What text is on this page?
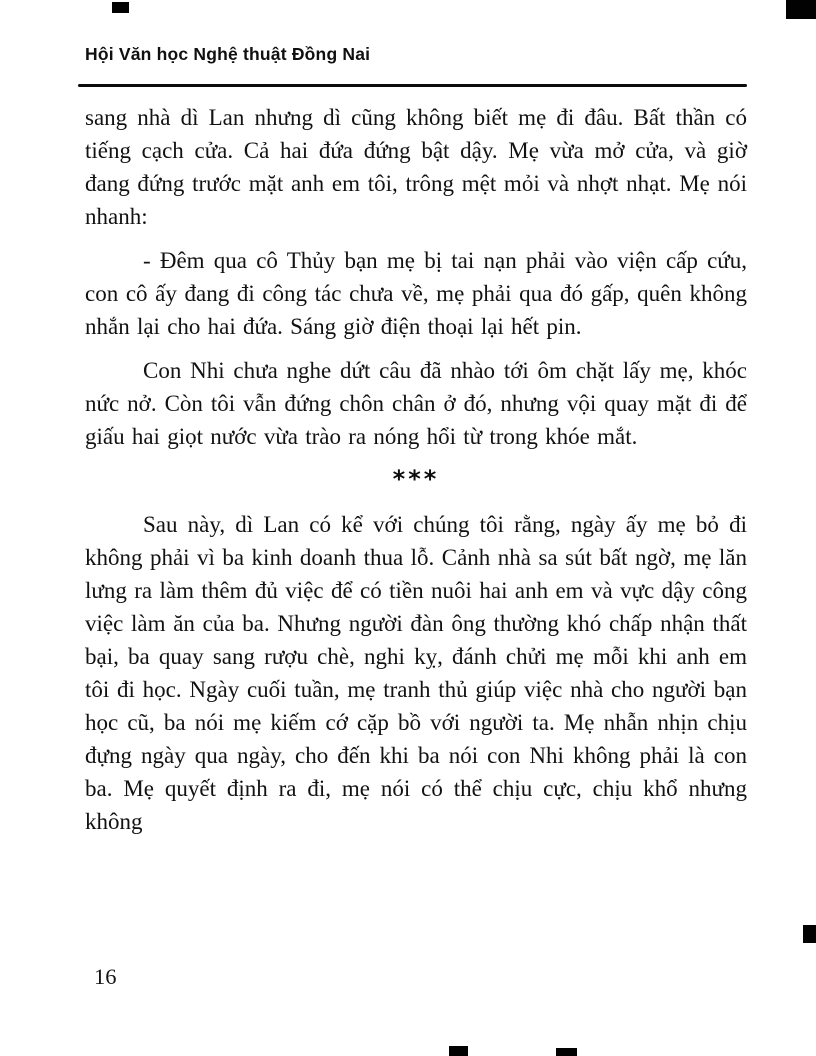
Hội Văn học Nghệ thuật Đồng Nai

sang nhà dì Lan nhưng dì cũng không biết mẹ đi đâu. Bất thần có tiếng cạch cửa. Cả hai đứa đứng bật dậy. Mẹ vừa mở cửa, và giờ đang đứng trước mặt anh em tôi, trông mệt mỏi và nhợt nhạt. Mẹ nói nhanh:

- Đêm qua cô Thủy bạn mẹ bị tai nạn phải vào viện cấp cứu, con cô ấy đang đi công tác chưa về, mẹ phải qua đó gấp, quên không nhắn lại cho hai đứa. Sáng giờ điện thoại lại hết pin.

Con Nhi chưa nghe dứt câu đã nhào tới ôm chặt lấy mẹ, khóc nức nở. Còn tôi vẫn đứng chôn chân ở đó, nhưng vội quay mặt đi để giấu hai giọt nước vừa trào ra nóng hổi từ trong khóe mắt.

***

Sau này, dì Lan có kể với chúng tôi rằng, ngày ấy mẹ bỏ đi không phải vì ba kinh doanh thua lỗ. Cảnh nhà sa sút bất ngờ, mẹ lăn lưng ra làm thêm đủ việc để có tiền nuôi hai anh em và vực dậy công việc làm ăn của ba. Nhưng người đàn ông thường khó chấp nhận thất bại, ba quay sang rượu chè, nghi kỵ, đánh chửi mẹ mỗi khi anh em tôi đi học. Ngày cuối tuần, mẹ tranh thủ giúp việc nhà cho người bạn học cũ, ba nói mẹ kiếm cớ cặp bồ với người ta. Mẹ nhẫn nhịn chịu đựng ngày qua ngày, cho đến khi ba nói con Nhi không phải là con ba. Mẹ quyết định ra đi, mẹ nói có thể chịu cực, chịu khổ nhưng không

16
